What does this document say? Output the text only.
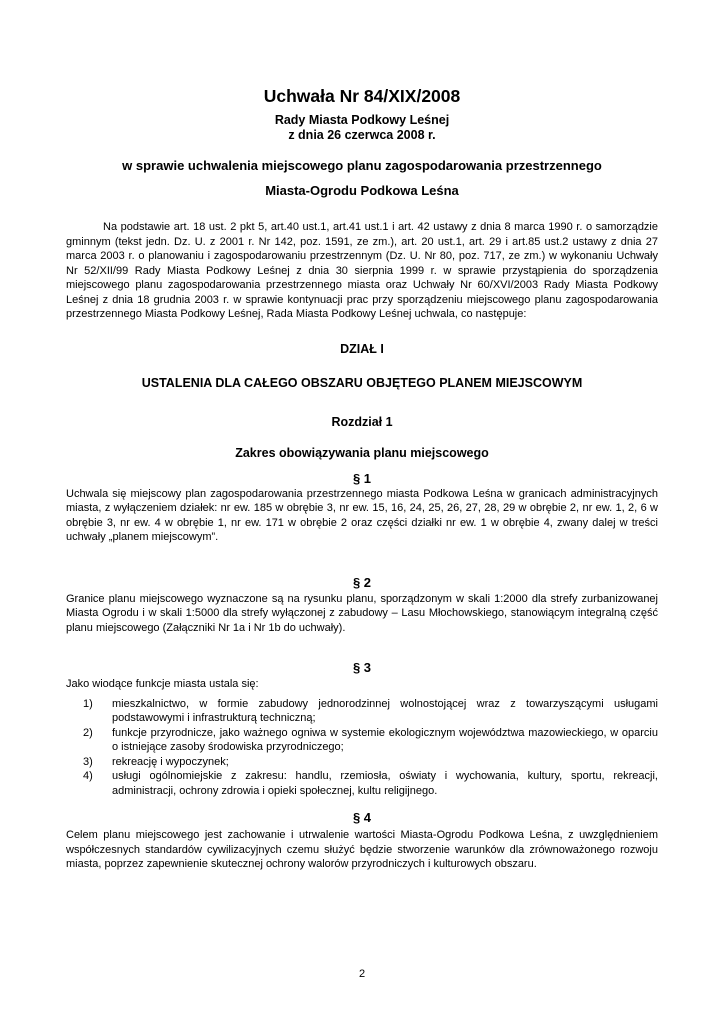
Uchwała Nr 84/XIX/2008
Rady Miasta Podkowy Leśnej
z dnia 26 czerwca 2008 r.
w sprawie uchwalenia miejscowego planu zagospodarowania przestrzennego
Miasta-Ogrodu Podkowa Leśna

Na podstawie art. 18 ust. 2 pkt 5, art.40 ust.1, art.41 ust.1 i art. 42 ustawy z dnia 8 marca 1990 r. o samorządzie gminnym (tekst jedn. Dz. U. z 2001 r. Nr 142, poz. 1591, ze zm.), art. 20 ust.1, art. 29 i art.85 ust.2 ustawy z dnia 27 marca 2003 r. o planowaniu i zagospodarowaniu przestrzennym (Dz. U. Nr 80, poz. 717, ze zm.) w wykonaniu Uchwały Nr 52/XII/99 Rady Miasta Podkowy Leśnej z dnia 30 sierpnia 1999 r. w sprawie przystąpienia do sporządzenia miejscowego planu zagospodarowania przestrzennego miasta oraz Uchwały Nr 60/XVI/2003 Rady Miasta Podkowy Leśnej z dnia 18 grudnia 2003 r. w sprawie kontynuacji prac przy sporządzeniu miejscowego planu zagospodarowania przestrzennego Miasta Podkowy Leśnej, Rada Miasta Podkowy Leśnej uchwala, co następuje:

DZIAŁ I
USTALENIA DLA CAŁEGO OBSZARU OBJĘTEGO PLANEM MIEJSCOWYM
Rozdział 1
Zakres obowiązywania planu miejscowego
§ 1

Uchwala się miejscowy plan zagospodarowania przestrzennego miasta Podkowa Leśna w granicach administracyjnych miasta, z wyłączeniem działek: nr ew. 185 w obrębie 3, nr ew. 15, 16, 24, 25, 26, 27, 28, 29 w obrębie 2, nr ew. 1, 2, 6 w obrębie 3, nr ew. 4 w obrębie 1, nr ew. 171 w obrębie 2 oraz części działki nr ew. 1 w obrębie 4, zwany dalej w treści uchwały „planem miejscowym”.

§ 2

Granice planu miejscowego wyznaczone są na rysunku planu, sporządzonym w skali 1:2000 dla strefy zurbanizowanej Miasta Ogrodu i w skali 1:5000 dla strefy wyłączonej z zabudowy – Lasu Młochowskiego, stanowiącym integralną część planu miejscowego (Załączniki Nr 1a i Nr 1b do uchwały).

§ 3

Jako wiodące funkcje miasta ustala się:

1)	mieszkalnictwo, w formie zabudowy jednorodzinnej wolnostojącej wraz z towarzyszącymi usługami podstawowymi i infrastrukturą techniczną;
2)	funkcje przyrodnicze, jako ważnego ogniwa w systemie ekologicznym województwa mazowieckiego, w oparciu o istniejące zasoby środowiska przyrodniczego;
3)	rekreację i wypoczynek;
4)	usługi ogólnomiejskie z zakresu: handlu, rzemiosła, oświaty i wychowania, kultury, sportu, rekreacji, administracji, ochrony zdrowia i opieki społecznej, kultu religijnego.
§ 4

Celem planu miejscowego jest zachowanie i utrwalenie wartości Miasta-Ogrodu Podkowa Leśna, z uwzględnieniem współczesnych standardów cywilizacyjnych czemu służyć będzie stworzenie warunków dla zrównoważonego rozwoju miasta, poprzez zapewnienie skutecznej ochrony walorów przyrodniczych i kulturowych obszaru.

2
